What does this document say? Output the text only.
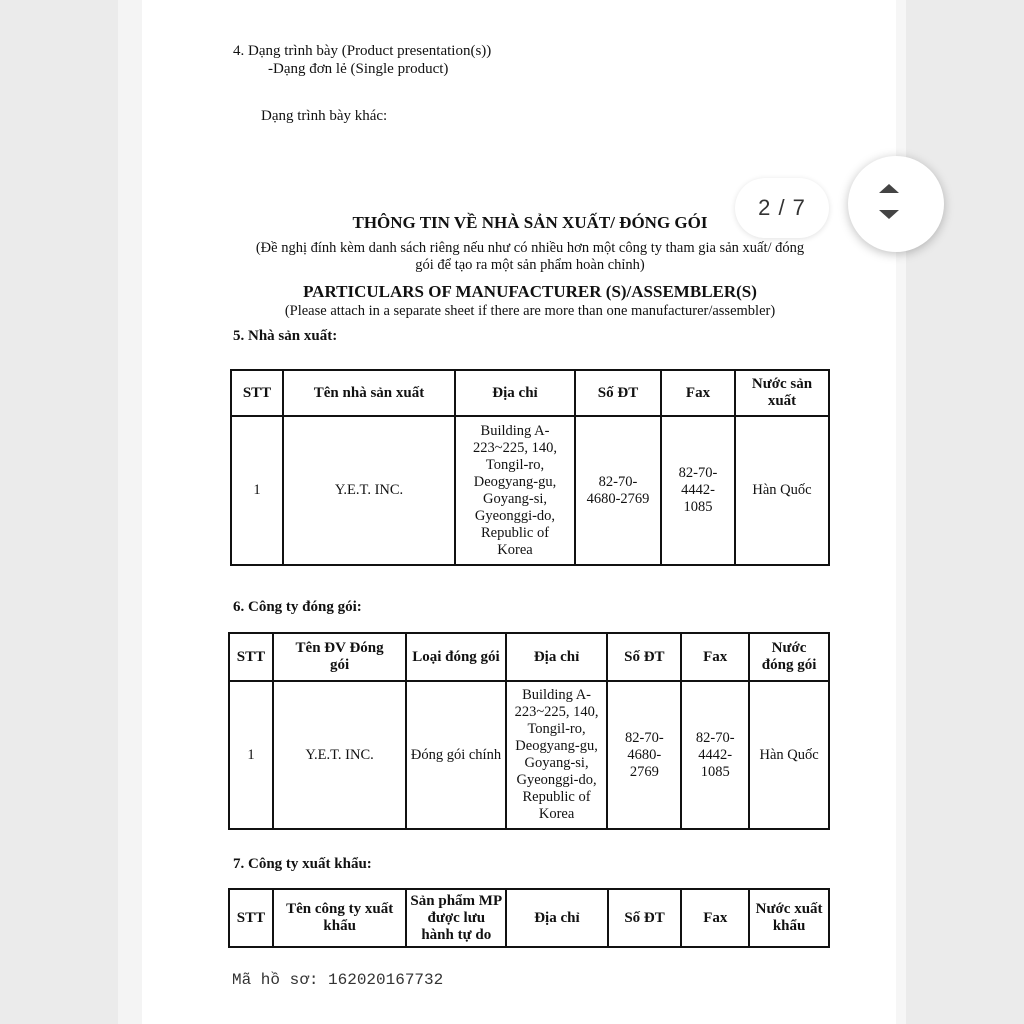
4. Dạng trình bày (Product presentation(s))
-Dạng đơn lẻ (Single product)
Dạng trình bày khác:
THÔNG TIN VỀ NHÀ SẢN XUẤT/ ĐÓNG GÓI
(Đề nghị đính kèm danh sách riêng nếu như có nhiều hơn một công ty tham gia sản xuất/ đóng
gói để tạo ra một sản phẩm hoàn chỉnh)
PARTICULARS OF MANUFACTURER (S)/ASSEMBLER(S)
(Please attach in a separate sheet if there are more than one manufacturer/assembler)
5. Nhà sản xuất:
STT	Tên nhà sản xuất	Địa chỉ	Số ĐT	Fax	Nước sản xuất
1	Y.E.T. INC.	Building A-223~225, 140, Tongil-ro, Deogyang-gu, Goyang-si, Gyeonggi-do, Republic of Korea	82-70-4680-2769	82-70-4442-1085	Hàn Quốc
6. Công ty đóng gói:
STT	Tên ĐV Đóng gói	Loại đóng gói	Địa chỉ	Số ĐT	Fax	Nước đóng gói
1	Y.E.T. INC.	Đóng gói chính	Building A-223~225, 140, Tongil-ro, Deogyang-gu, Goyang-si, Gyeonggi-do, Republic of Korea	82-70-4680-2769	82-70-4442-1085	Hàn Quốc
7. Công ty xuất khẩu:
STT	Tên công ty xuất khẩu	Sản phẩm MP được lưu hành tự do	Địa chỉ	Số ĐT	Fax	Nước xuất khẩu
Mã hồ sơ: 162020167732
2 / 7
